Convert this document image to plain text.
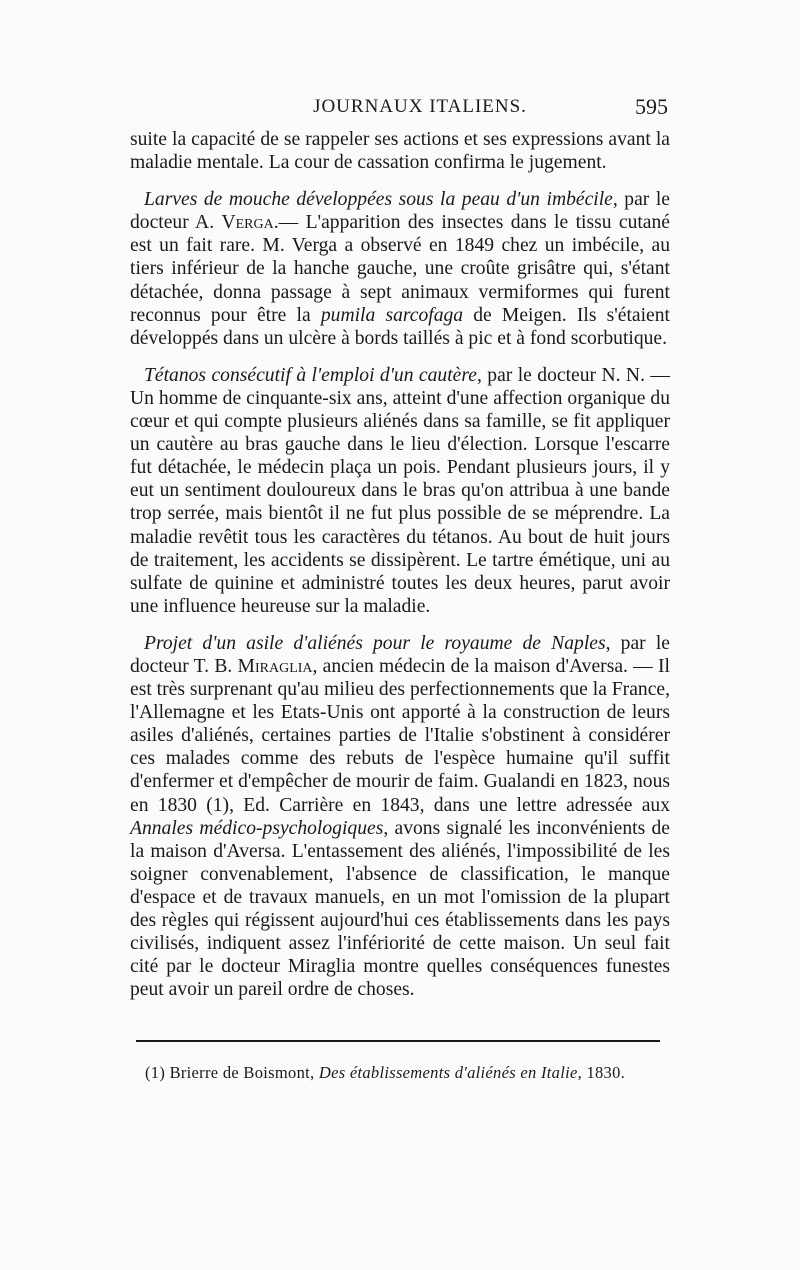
JOURNAUX ITALIENS.	595

suite la capacité de se rappeler ses actions et ses expressions avant la maladie mentale. La cour de cassation confirma le jugement.

Larves de mouche développées sous la peau d'un imbécile, par le docteur A. Verga.— L'apparition des insectes dans le tissu cutané est un fait rare. M. Verga a observé en 1849 chez un imbécile, au tiers inférieur de la hanche gauche, une croûte grisâtre qui, s'étant détachée, donna passage à sept animaux vermiformes qui furent reconnus pour être la pumila sarcofaga de Meigen. Ils s'étaient développés dans un ulcère à bords taillés à pic et à fond scorbutique.

Tétanos consécutif à l'emploi d'un cautère, par le docteur N. N. — Un homme de cinquante-six ans, atteint d'une affection organique du cœur et qui compte plusieurs aliénés dans sa famille, se fit appliquer un cautère au bras gauche dans le lieu d'élection. Lorsque l'escarre fut détachée, le médecin plaça un pois. Pendant plusieurs jours, il y eut un sentiment douloureux dans le bras qu'on attribua à une bande trop serrée, mais bientôt il ne fut plus possible de se méprendre. La maladie revêtit tous les caractères du tétanos. Au bout de huit jours de traitement, les accidents se dissipèrent. Le tartre émétique, uni au sulfate de quinine et administré toutes les deux heures, parut avoir une influence heureuse sur la maladie.

Projet d'un asile d'aliénés pour le royaume de Naples, par le docteur T. B. Miraglia, ancien médecin de la maison d'Aversa. — Il est très surprenant qu'au milieu des perfectionnements que la France, l'Allemagne et les Etats-Unis ont apporté à la construction de leurs asiles d'aliénés, certaines parties de l'Italie s'obstinent à considérer ces malades comme des rebuts de l'espèce humaine qu'il suffit d'enfermer et d'empêcher de mourir de faim. Gualandi en 1823, nous en 1830 (1), Ed. Carrière en 1843, dans une lettre adressée aux Annales médico-psychologiques, avons signalé les inconvénients de la maison d'Aversa. L'entassement des aliénés, l'impossibilité de les soigner convenablement, l'absence de classification, le manque d'espace et de travaux manuels, en un mot l'omission de la plupart des règles qui régissent aujourd'hui ces établissements dans les pays civilisés, indiquent assez l'infériorité de cette maison. Un seul fait cité par le docteur Miraglia montre quelles conséquences funestes peut avoir un pareil ordre de choses.

(1) Brierre de Boismont, Des établissements d'aliénés en Italie, 1830.
